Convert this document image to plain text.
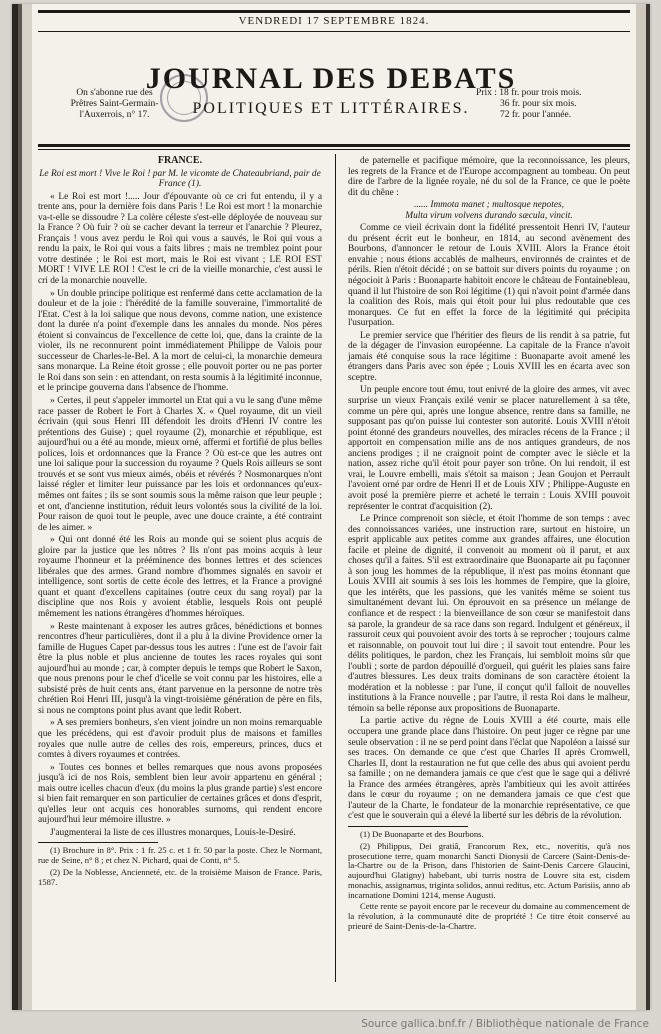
VENDREDI 17 SEPTEMBRE 1824.
On s'abonne rue des
Prêtres Saint-Germain-
l'Auxerrois, n° 17.
JOURNAL DES DEBATS
POLITIQUES ET LITTÉRAIRES.
Prix : 18 fr. pour trois mois.
36 fr. pour six mois.
72 fr. pour l'année.

FRANCE.

Le Roi est mort ! Vive le Roi ! par M. le vicomte de Chateaubriand, pair de France (1).

« Le Roi est mort !..... Jour d'épouvante où ce cri fut entendu, il y a trente ans, pour la dernière fois dans Paris ! Le Roi est mort ! la monarchie va-t-elle se dissoudre ? La colère céleste s'est-elle déployée de nouveau sur la France ? Où fuir ? où se cacher devant la terreur et l'anarchie ? Pleurez, Français ! vous avez perdu le Roi qui vous a sauvés, le Roi qui vous a rendu la paix, le Roi qui vous a faits libres ; mais ne tremblez point pour votre destinée ; le Roi est mort, mais le Roi est vivant ; LE ROI EST MORT ! VIVE LE ROI ! C'est le cri de la vieille monarchie, c'est aussi le cri de la monarchie nouvelle.

» Un double principe politique est renfermé dans cette acclamation de la douleur et de la joie : l'hérédité de la famille souveraine, l'immortalité de l'Etat. C'est à la loi salique que nous devons, comme nation, une existence dont la durée n'a point d'exemple dans les annales du monde. Nos pères étoient si convaincus de l'excellence de cette loi, que, dans la crainte de la violer, ils ne reconnurent point immédiatement Philippe de Valois pour successeur de Charles-le-Bel. A la mort de celui-ci, la monarchie demeura sans monarque. La Reine étoit grosse ; elle pouvoit porter ou ne pas porter le Roi dans son sein : en attendant, on resta soumis à la légitimité inconnue, et le principe gouverna dans l'absence de l'homme.

» Certes, il peut s'appeler immortel un Etat qui a vu le sang d'une même race passer de Robert le Fort à Charles X. « Quel royaume, dit un vieil écrivain (qui sous Henri III défendoit les droits d'Henri IV contre les prétentions des Guise) ; quel royaume (2), monarchie et république, est aujourd'hui ou a été au monde, mieux orné, affermi et fortifié de plus belles polices, lois et ordonnances que la France ? Où est-ce que les autres ont une loi salique pour la succession du royaume ? Quels Rois ailleurs se sont trouvés et se sont vus mieux aimés, obéis et révérés ? Nosmonarques n'ont laissé régler et limiter leur puissance par les lois et ordonnances qu'eux-mêmes ont faites ; ils se sont soumis sous la même raison que leur peuple ; et ont, d'ancienne institution, réduit leurs volontés sous la civilité de la loi. Pour raison de quoi tout le peuple, avec une douce crainte, a été contraint de les aimer. »

» Qui ont donné été les Rois au monde qui se soient plus acquis de gloire par la justice que les nôtres ? Ils n'ont pas moins acquis à leur royaume l'honneur et la prééminence des bonnes lettres et des sciences libérales que des armes. Grand nombre d'hommes signalés en savoir et intelligence, sont sortis de cette école des lettres, et la France a provigné quant et quant d'excellens capitaines (outre ceux du sang royal) par la discipline que nos Rois y avoient établie, lesquels Rois ont peuplé mêmement les nations étrangères d'hommes héroïques.

» Reste maintenant à exposer les autres grâces, bénédictions et bonnes rencontres d'heur particulières, dont il a plu à la divine Providence orner la famille de Hugues Capet par-dessus tous les autres : l'une est de l'avoir fait être la plus noble et plus ancienne de toutes les races royales qui sont aujourd'hui au monde ; car, à compter depuis le temps que Robert le Saxon, que nous prenons pour le chef d'icelle se voit connu par les histoires, elle a subsisté près de huit cents ans, étant parvenue en la personne de notre très chrétien Roi Henri III, jusqu'à la vingt-troisième génération de père en fils, si nous ne comptons point plus avant que ledit Robert.

» A ses premiers bonheurs, s'en vient joindre un non moins remarquable que les précédens, qui est d'avoir produit plus de maisons et familles royales que nulle autre de celles des rois, empereurs, princes, ducs et comtes à divers royaumes et contrées.

» Toutes ces bonnes et belles remarques que nous avons proposées jusqu'à ici de nos Rois, semblent bien leur avoir appartenu en général ; mais outre icelles chacun d'eux (du moins la plus grande partie) s'est encore si bien fait remarquer en son particulier de certaines grâces et dons d'esprit, qu'elles leur ont acquis ces honorables surnoms, qui rendent encore aujourd'hui leur mémoire illustre. »

J'augmenterai la liste de ces illustres monarques, Louis-le-Desiré.

(1) Brochure in 8°. Prix : 1 fr. 25 c. et 1 fr. 50 par la poste. Chez le Normant, rue de Seine, n° 8 ; et chez N. Pichard, quai de Conti, n° 5.

(2) De la Noblesse, Ancienneté, etc. de la troisième Maison de France. Paris, 1587.

de paternelle et pacifique mémoire, que la reconnoissance, les pleurs, les regrets de la France et de l'Europe accompagnent au tombeau. On peut dire de l'arbre de la lignée royale, né du sol de la France, ce que le poète dit du chêne :

...... Immota manet ; multosque nepotes,
Multa virum volvens durando sæcula, vincit.

Comme ce vieil écrivain dont la fidélité pressentoit Henri IV, l'auteur du présent écrit eut le bonheur, en 1814, au second avènement des Bourbons, d'annoncer le retour de Louis XVIII. Alors la France étoit envahie ; nous étions accablés de malheurs, environnés de craintes et de périls. Rien n'étoit décidé ; on se battoit sur divers points du royaume ; on négocioit à Paris : Buonaparte habitoit encore le château de Fontainebleau, quand il lut l'histoire de son Roi légitime (1) qui n'avoit point d'armée dans la coalition des Rois, mais qui étoit pour lui plus redoutable que ces monarques. Ce fut en effet la force de la légitimité qui précipita l'usurpation.

Le premier service que l'héritier des fleurs de lis rendit à sa patrie, fut de la dégager de l'invasion européenne. La capitale de la France n'avoit jamais été conquise sous la race légitime : Buonaparte avoit amené les étrangers dans Paris avec son épée ; Louis XVIII les en écarta avec son sceptre.

Un peuple encore tout ému, tout enivré de la gloire des armes, vit avec surprise un vieux Français exilé venir se placer naturellement à sa tête, comme un père qui, après une longue absence, rentre dans sa famille, ne supposant pas qu'on puisse lui contester son autorité. Louis XVIII n'étoit point étonné des grandeurs nouvelles, des miracles récens de la France ; il apportoit en compensation mille ans de nos antiques grandeurs, de nos anciens prodiges ; il ne craignoit point de compter avec le siècle et la nation, assez riche qu'il étoit pour payer son trône. On lui rendoit, il est vrai, le Louvre embelli, mais s'étoit sa maison ; Jean Goujon et Perrault l'avoient orné par ordre de Henri II et de Louis XIV ; Philippe-Auguste en avoit posé la première pierre et acheté le terrain : Louis XVIII pouvoit représenter le contrat d'acquisition (2).

Le Prince comprenoit son siècle, et étoit l'homme de son temps : avec des connoissances variées, une instruction rare, surtout en histoire, un esprit applicable aux petites comme aux grandes affaires, une élocution facile et pleine de dignité, il convenoit au moment où il parut, et aux choses qu'il a faites. S'il est extraordinaire que Buonaparte ait pu façonner à son joug les hommes de la république, il n'est pas moins étonnant que Louis XVIII ait soumis à ses lois les hommes de l'empire, que la gloire, que les intérêts, que les passions, que les vanités même se soient tus simultanément devant lui. On éprouvoit en sa présence un mélange de confiance et de respect : la bienveillance de son cœur se manifestoit dans sa parole, la grandeur de sa race dans son regard. Indulgent et généreux, il rassuroit ceux qui pouvoient avoir des torts à se reprocher ; toujours calme et raisonnable, on pouvoit tout lui dire ; il savoit tout entendre. Pour les délits politiques, le pardon, chez les Français, lui sembloit moins sûr que l'oubli ; sorte de pardon dépouillé d'orgueil, qui guérit les plaies sans faire d'autres blessures. Les deux traits dominans de son caractère étoient la modération et la noblesse : par l'une, il conçut qu'il falloit de nouvelles institutions à la France nouvelle ; par l'autre, il resta Roi dans le malheur, témoin sa belle réponse aux propositions de Buonaparte.

La partie active du règne de Louis XVIII a été courte, mais elle occupera une grande place dans l'histoire. On peut juger ce règne par une seule observation : il ne se perd point dans l'éclat que Napoléon a laissé sur ses traces. On demande ce que c'est que Charles II après Cromwell, Charles II, dont la restauration ne fut que celle des abus qui avoient perdu sa famille ; on ne demandera jamais ce que c'est que le sage qui a délivré la France des armées étrangères, après l'ambitieux qui les avoit attirées dans le cœur du royaume ; on ne demandera jamais ce que c'est que l'auteur de la Charte, le fondateur de la monarchie représentative, ce que c'est que le souverain qui a élevé la liberté sur les débris de la révolution.

(1) De Buonaparte et des Bourbons.

(2) Philippus, Dei gratiâ, Francorum Rex, etc., noveritis, qu'à nos prosecutione terre, quam monarchi Sancti Dionysii de Carcere (Saint-Denis-de-la-Chartre ou de la Prison, dans l'historien de Saint-Denis Carcere Glaucini, aujourd'hui Glatigny) habebant, ubi turris nostra de Louvre sita est, cisdem monachis, assignamus, triginta solidos, annui reditus, etc. Actum Parisiis, anno ab incarnatione Domini 1214, mense Augusti.

Cette rente se payoit encore par le receveur du domaine au commencement de la révolution, à la communauté dite de propriété ! Ce titre étoit conservé au prieuré de Saint-Denis-de-la-Chartre.

Source gallica.bnf.fr / Bibliothèque nationale de France
